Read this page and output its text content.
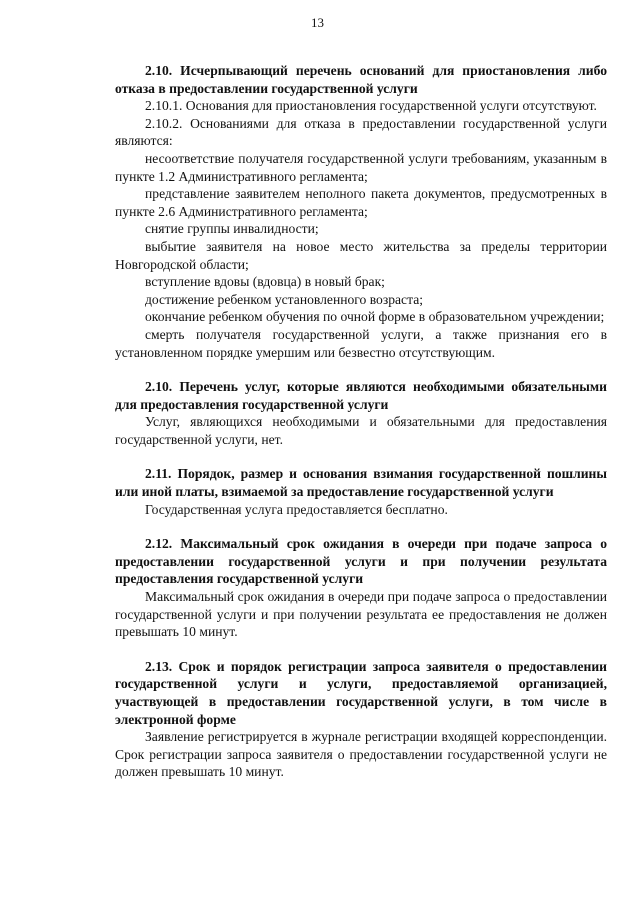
13

2.10. Исчерпывающий перечень оснований для приостановления либо отказа в предоставлении государственной услуги

2.10.1. Основания для приостановления государственной услуги отсутствуют.

2.10.2. Основаниями для отказа в предоставлении государственной услуги являются:

несоответствие получателя государственной услуги требованиям, указанным в пункте 1.2 Административного регламента;

представление заявителем неполного пакета документов, предусмотренных в пункте 2.6 Административного регламента;

снятие группы инвалидности;

выбытие заявителя на новое место жительства за пределы территории Новгородской области;

вступление вдовы (вдовца) в новый брак;

достижение ребенком установленного возраста;

окончание ребенком обучения по очной форме в образовательном учреждении;

смерть получателя государственной услуги, а также признания его в установленном порядке умершим или безвестно отсутствующим.

2.10. Перечень услуг, которые являются необходимыми обязательными для предоставления государственной услуги

Услуг, являющихся необходимыми и обязательными для предоставления государственной услуги, нет.

2.11. Порядок, размер и основания взимания государственной пошлины или иной платы, взимаемой за предоставление государственной услуги

Государственная услуга предоставляется бесплатно.

2.12. Максимальный срок ожидания в очереди при подаче запроса о предоставлении государственной услуги и при получении результата предоставления государственной услуги

Максимальный срок ожидания в очереди при подаче запроса о предоставлении государственной услуги и при получении результата ее предоставления не должен превышать 10 минут.

2.13. Срок и порядок регистрации запроса заявителя о предоставлении государственной услуги и услуги, предоставляемой организацией, участвующей в предоставлении государственной услуги, в том числе в электронной форме

Заявление регистрируется в журнале регистрации входящей корреспонденции. Срок регистрации запроса заявителя о предоставлении государственной услуги не должен превышать 10 минут.
